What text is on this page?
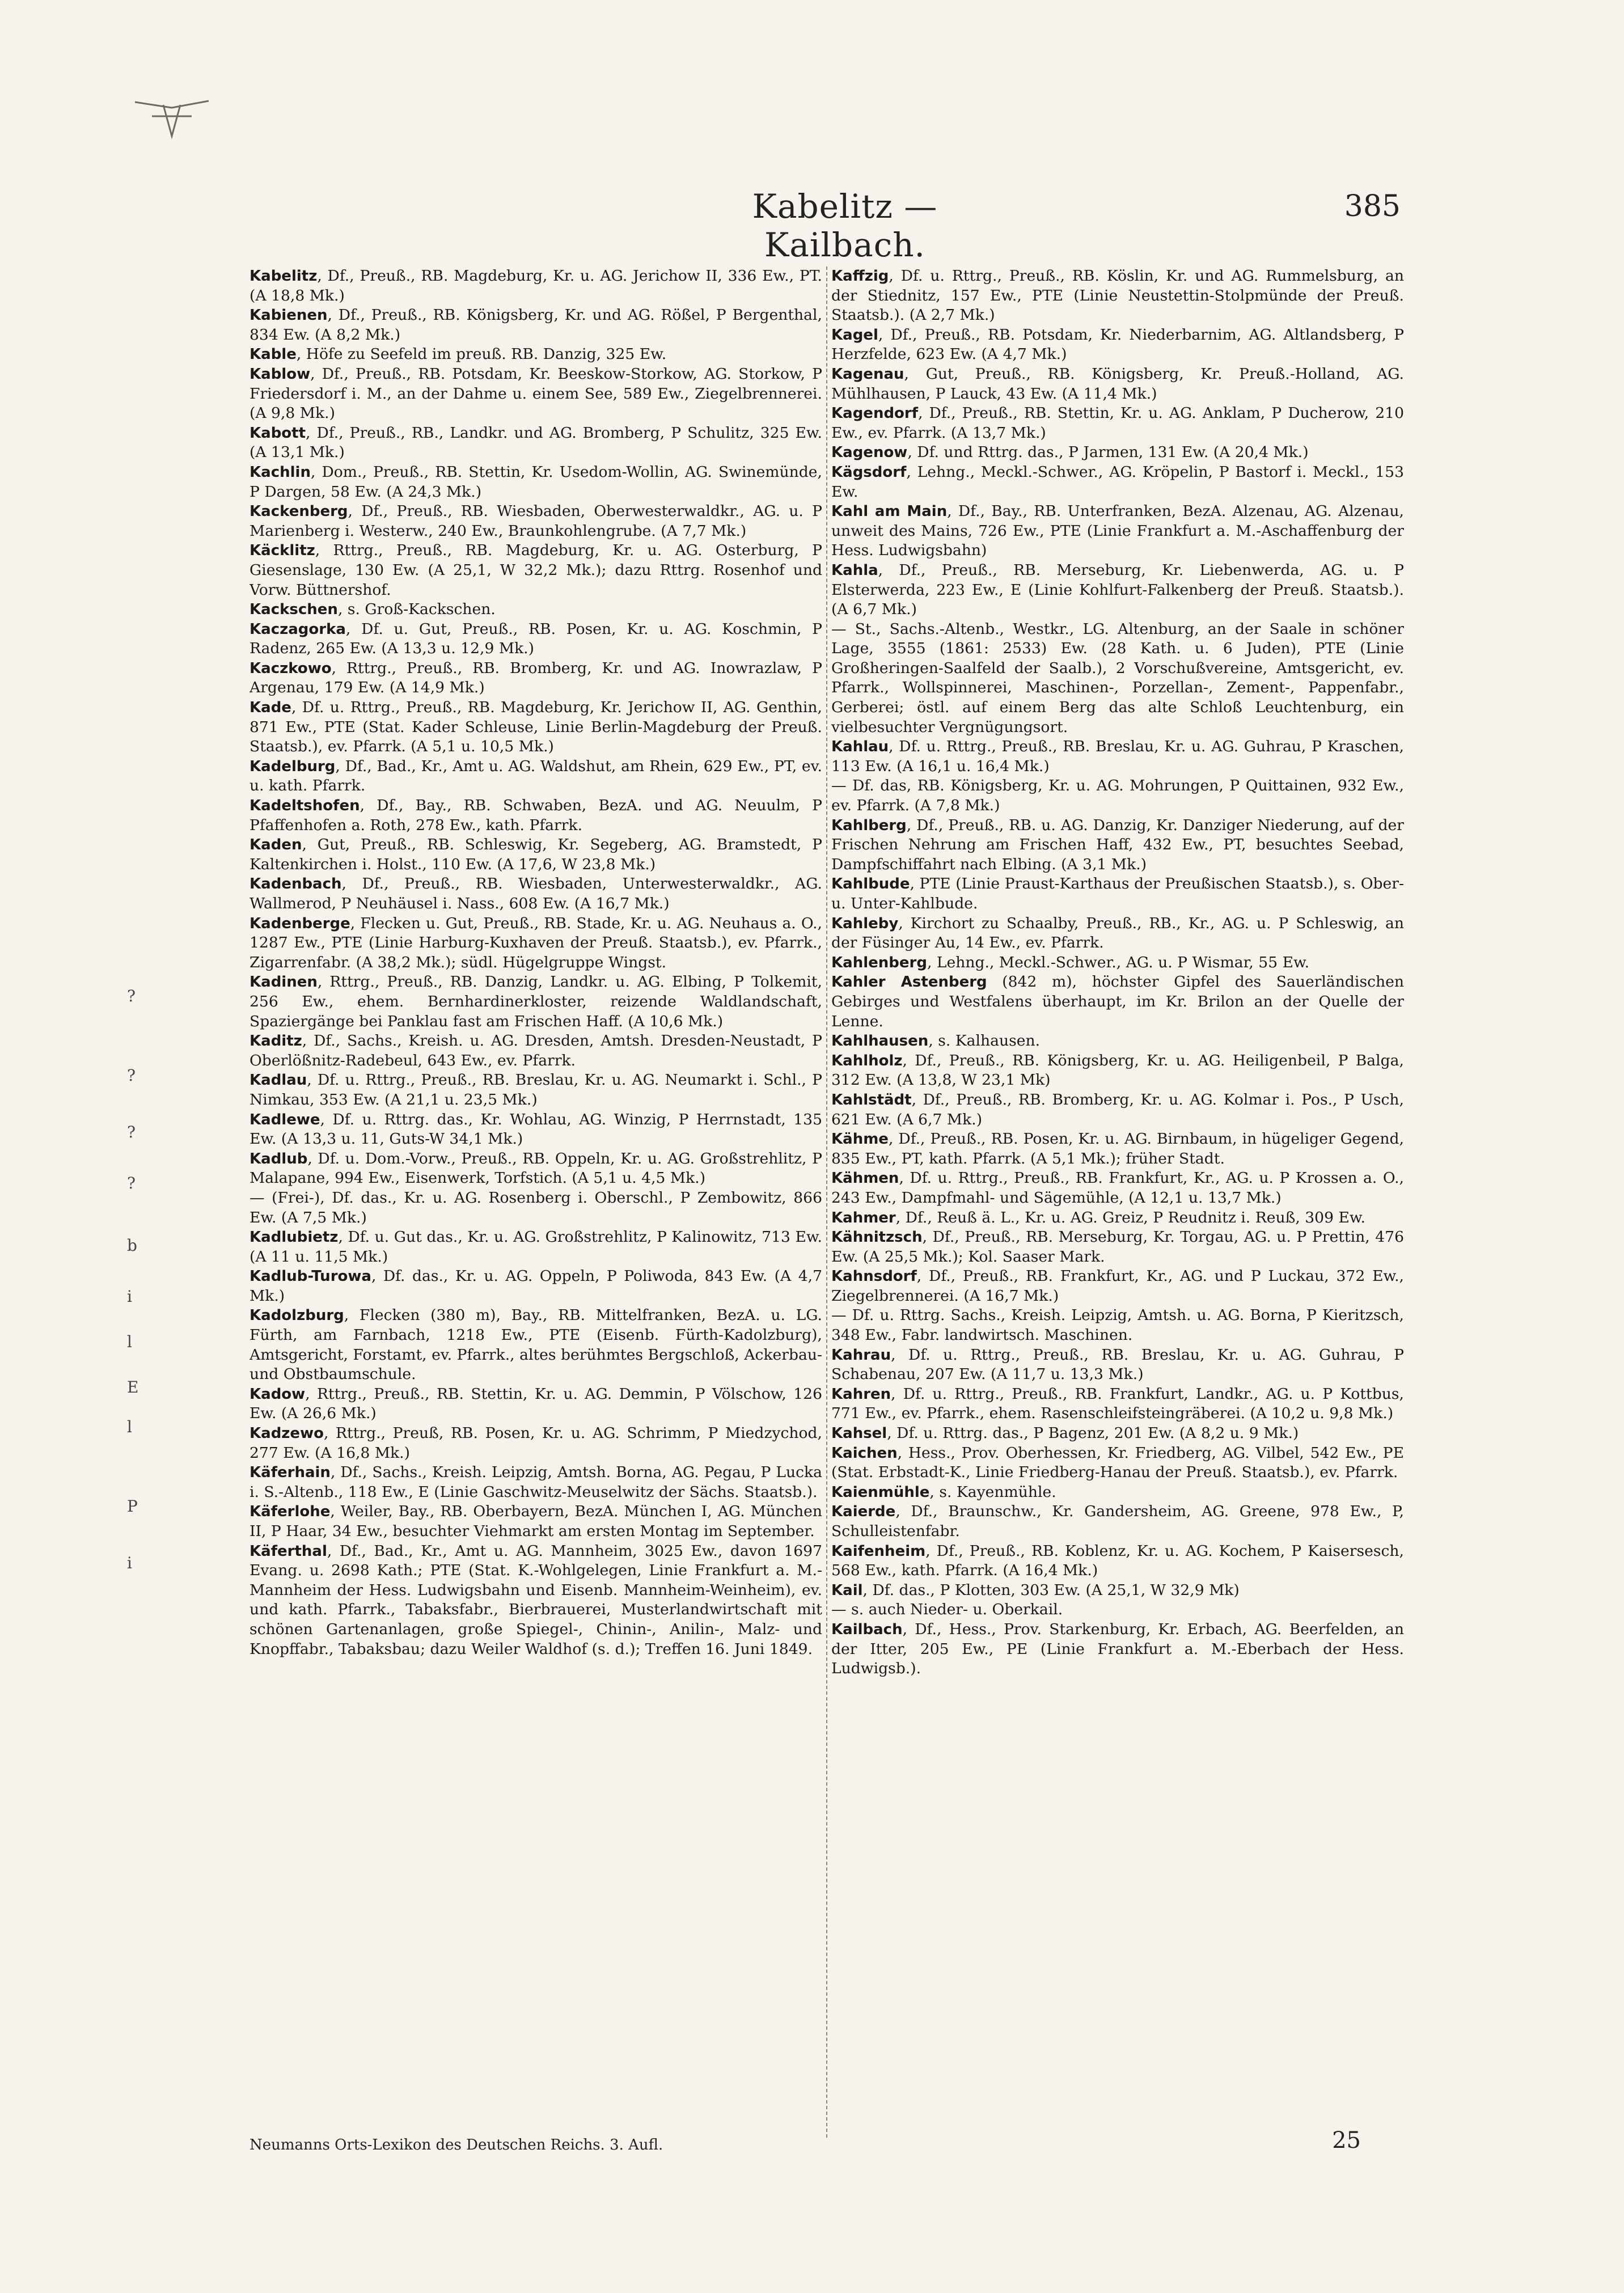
Kabelitz — Kailbach.
385

Kabelitz, Df., Preuß., RB. Magdeburg, Kr. u. AG. Jerichow II, 336 Ew., PT. (A 18,8 Mk.)

Kabienen, Df., Preuß., RB. Königsberg, Kr. und AG. Rößel, P Bergenthal, 834 Ew. (A 8,2 Mk.)

Kable, Höfe zu Seefeld im preuß. RB. Danzig, 325 Ew.

Kablow, Df., Preuß., RB. Potsdam, Kr. Beeskow-Storkow, AG. Storkow, P Friedersdorf i. M., an der Dahme u. einem See, 589 Ew., Ziegelbrennerei. (A 9,8 Mk.)

Kabott, Df., Preuß., RB., Landkr. und AG. Bromberg, P Schulitz, 325 Ew. (A 13,1 Mk.)

Kachlin, Dom., Preuß., RB. Stettin, Kr. Usedom-Wollin, AG. Swinemünde, P Dargen, 58 Ew. (A 24,3 Mk.)

Kackenberg, Df., Preuß., RB. Wiesbaden, Oberwesterwaldkr., AG. u. P Marienberg i. Westerw., 240 Ew., Braunkohlengrube. (A 7,7 Mk.)

Käcklitz, Rttrg., Preuß., RB. Magdeburg, Kr. u. AG. Osterburg, P Giesenslage, 130 Ew. (A 25,1, W 32,2 Mk.); dazu Rttrg. Rosenhof und Vorw. Büttnershof.

Kackschen, s. Groß-Kackschen.

Kaczagorka, Df. u. Gut, Preuß., RB. Posen, Kr. u. AG. Koschmin, P Radenz, 265 Ew. (A 13,3 u. 12,9 Mk.)

Kaczkowo, Rttrg., Preuß., RB. Bromberg, Kr. und AG. Inowrazlaw, P Argenau, 179 Ew. (A 14,9 Mk.)

Kade, Df. u. Rttrg., Preuß., RB. Magdeburg, Kr. Jerichow II, AG. Genthin, 871 Ew., PTE (Stat. Kader Schleuse, Linie Berlin-Magdeburg der Preuß. Staatsb.), ev. Pfarrk. (A 5,1 u. 10,5 Mk.)

Kadelburg, Df., Bad., Kr., Amt u. AG. Waldshut, am Rhein, 629 Ew., PT, ev. u. kath. Pfarrk.

Kadeltshofen, Df., Bay., RB. Schwaben, BezA. und AG. Neuulm, P Pfaffenhofen a. Roth, 278 Ew., kath. Pfarrk.

Kaden, Gut, Preuß., RB. Schleswig, Kr. Segeberg, AG. Bramstedt, P Kaltenkirchen i. Holst., 110 Ew. (A 17,6, W 23,8 Mk.)

Kadenbach, Df., Preuß., RB. Wiesbaden, Unterwesterwaldkr., AG. Wallmerod, P Neuhäusel i. Nass., 608 Ew. (A 16,7 Mk.)

Kadenberge, Flecken u. Gut, Preuß., RB. Stade, Kr. u. AG. Neuhaus a. O., 1287 Ew., PTE (Linie Harburg-Kuxhaven der Preuß. Staatsb.), ev. Pfarrk., Zigarrenfabr. (A 38,2 Mk.); südl. Hügelgruppe Wingst.

Kadinen, Rttrg., Preuß., RB. Danzig, Landkr. u. AG. Elbing, P Tolkemit, 256 Ew., ehem. Bernhardinerkloster, reizende Waldlandschaft, Spaziergänge bei Panklau fast am Frischen Haff. (A 10,6 Mk.)

Kaditz, Df., Sachs., Kreish. u. AG. Dresden, Amtsh. Dresden-Neustadt, P Oberlößnitz-Radebeul, 643 Ew., ev. Pfarrk.

Kadlau, Df. u. Rttrg., Preuß., RB. Breslau, Kr. u. AG. Neumarkt i. Schl., P Nimkau, 353 Ew. (A 21,1 u. 23,5 Mk.)

Kadlewe, Df. u. Rttrg. das., Kr. Wohlau, AG. Winzig, P Herrnstadt, 135 Ew. (A 13,3 u. 11, Guts-W 34,1 Mk.)

Kadlub, Df. u. Dom.-Vorw., Preuß., RB. Oppeln, Kr. u. AG. Großstrehlitz, P Malapane, 994 Ew., Eisenwerk, Torfstich. (A 5,1 u. 4,5 Mk.)

— (Frei-), Df. das., Kr. u. AG. Rosenberg i. Oberschl., P Zembowitz, 866 Ew. (A 7,5 Mk.)

Kadlubietz, Df. u. Gut das., Kr. u. AG. Großstrehlitz, P Kalinowitz, 713 Ew. (A 11 u. 11,5 Mk.)

Kadlub-Turowa, Df. das., Kr. u. AG. Oppeln, P Poliwoda, 843 Ew. (A 4,7 Mk.)

Kadolzburg, Flecken (380 m), Bay., RB. Mittelfranken, BezA. u. LG. Fürth, am Farnbach, 1218 Ew., PTE (Eisenb. Fürth-Kadolzburg), Amtsgericht, Forstamt, ev. Pfarrk., altes berühmtes Bergschloß, Ackerbau- und Obstbaumschule.

Kadow, Rttrg., Preuß., RB. Stettin, Kr. u. AG. Demmin, P Völschow, 126 Ew. (A 26,6 Mk.)

Kadzewo, Rttrg., Preuß, RB. Posen, Kr. u. AG. Schrimm, P Miedzychod, 277 Ew. (A 16,8 Mk.)

Käferhain, Df., Sachs., Kreish. Leipzig, Amtsh. Borna, AG. Pegau, P Lucka i. S.-Altenb., 118 Ew., E (Linie Gaschwitz-Meuselwitz der Sächs. Staatsb.).

Käferlohe, Weiler, Bay., RB. Oberbayern, BezA. München I, AG. München II, P Haar, 34 Ew., besuchter Viehmarkt am ersten Montag im September.

Käferthal, Df., Bad., Kr., Amt u. AG. Mannheim, 3025 Ew., davon 1697 Evang. u. 2698 Kath.; PTE (Stat. K.-Wohlgelegen, Linie Frankfurt a. M.-Mannheim der Hess. Ludwigsbahn und Eisenb. Mannheim-Weinheim), ev. und kath. Pfarrk., Tabaksfabr., Bierbrauerei, Musterlandwirtschaft mit schönen Gartenanlagen, große Spiegel-, Chinin-, Anilin-, Malz- und Knopffabr., Tabaksbau; dazu Weiler Waldhof (s. d.); Treffen 16. Juni 1849.

Kaffzig, Df. u. Rttrg., Preuß., RB. Köslin, Kr. und AG. Rummelsburg, an der Stiednitz, 157 Ew., PTE (Linie Neustettin-Stolpmünde der Preuß. Staatsb.). (A 2,7 Mk.)

Kagel, Df., Preuß., RB. Potsdam, Kr. Niederbarnim, AG. Altlandsberg, P Herzfelde, 623 Ew. (A 4,7 Mk.)

Kagenau, Gut, Preuß., RB. Königsberg, Kr. Preuß.-Holland, AG. Mühlhausen, P Lauck, 43 Ew. (A 11,4 Mk.)

Kagendorf, Df., Preuß., RB. Stettin, Kr. u. AG. Anklam, P Ducherow, 210 Ew., ev. Pfarrk. (A 13,7 Mk.)

Kagenow, Df. und Rttrg. das., P Jarmen, 131 Ew. (A 20,4 Mk.)

Kägsdorf, Lehng., Meckl.-Schwer., AG. Kröpelin, P Bastorf i. Meckl., 153 Ew.

Kahl am Main, Df., Bay., RB. Unterfranken, BezA. Alzenau, AG. Alzenau, unweit des Mains, 726 Ew., PTE (Linie Frankfurt a. M.-Aschaffenburg der Hess. Ludwigsbahn)

Kahla, Df., Preuß., RB. Merseburg, Kr. Liebenwerda, AG. u. P Elsterwerda, 223 Ew., E (Linie Kohlfurt-Falkenberg der Preuß. Staatsb.). (A 6,7 Mk.)

— St., Sachs.-Altenb., Westkr., LG. Altenburg, an der Saale in schöner Lage, 3555 (1861: 2533) Ew. (28 Kath. u. 6 Juden), PTE (Linie Großheringen-Saalfeld der Saalb.), 2 Vorschußvereine, Amtsgericht, ev. Pfarrk., Wollspinnerei, Maschinen-, Porzellan-, Zement-, Pappenfabr., Gerberei; östl. auf einem Berg das alte Schloß Leuchtenburg, ein vielbesuchter Vergnügungsort.

Kahlau, Df. u. Rttrg., Preuß., RB. Breslau, Kr. u. AG. Guhrau, P Kraschen, 113 Ew. (A 16,1 u. 16,4 Mk.)

— Df. das, RB. Königsberg, Kr. u. AG. Mohrungen, P Quittainen, 932 Ew., ev. Pfarrk. (A 7,8 Mk.)

Kahlberg, Df., Preuß., RB. u. AG. Danzig, Kr. Danziger Niederung, auf der Frischen Nehrung am Frischen Haff, 432 Ew., PT, besuchtes Seebad, Dampfschiffahrt nach Elbing. (A 3,1 Mk.)

Kahlbude, PTE (Linie Praust-Karthaus der Preußischen Staatsb.), s. Ober- u. Unter-Kahlbude.

Kahleby, Kirchort zu Schaalby, Preuß., RB., Kr., AG. u. P Schleswig, an der Füsinger Au, 14 Ew., ev. Pfarrk.

Kahlenberg, Lehng., Meckl.-Schwer., AG. u. P Wismar, 55 Ew.

Kahler Astenberg (842 m), höchster Gipfel des Sauerländischen Gebirges und Westfalens überhaupt, im Kr. Brilon an der Quelle der Lenne.

Kahlhausen, s. Kalhausen.

Kahlholz, Df., Preuß., RB. Königsberg, Kr. u. AG. Heiligenbeil, P Balga, 312 Ew. (A 13,8, W 23,1 Mk)

Kahlstädt, Df., Preuß., RB. Bromberg, Kr. u. AG. Kolmar i. Pos., P Usch, 621 Ew. (A 6,7 Mk.)

Kähme, Df., Preuß., RB. Posen, Kr. u. AG. Birnbaum, in hügeliger Gegend, 835 Ew., PT, kath. Pfarrk. (A 5,1 Mk.); früher Stadt.

Kähmen, Df. u. Rttrg., Preuß., RB. Frankfurt, Kr., AG. u. P Krossen a. O., 243 Ew., Dampfmahl- und Sägemühle, (A 12,1 u. 13,7 Mk.)

Kahmer, Df., Reuß ä. L., Kr. u. AG. Greiz, P Reudnitz i. Reuß, 309 Ew.

Kähnitzsch, Df., Preuß., RB. Merseburg, Kr. Torgau, AG. u. P Prettin, 476 Ew. (A 25,5 Mk.); Kol. Saaser Mark.

Kahnsdorf, Df., Preuß., RB. Frankfurt, Kr., AG. und P Luckau, 372 Ew., Ziegelbrennerei. (A 16,7 Mk.)

— Df. u. Rttrg. Sachs., Kreish. Leipzig, Amtsh. u. AG. Borna, P Kieritzsch, 348 Ew., Fabr. landwirtsch. Maschinen.

Kahrau, Df. u. Rttrg., Preuß., RB. Breslau, Kr. u. AG. Guhrau, P Schabenau, 207 Ew. (A 11,7 u. 13,3 Mk.)

Kahren, Df. u. Rttrg., Preuß., RB. Frankfurt, Landkr., AG. u. P Kottbus, 771 Ew., ev. Pfarrk., ehem. Rasenschleifsteingräberei. (A 10,2 u. 9,8 Mk.)

Kahsel, Df. u. Rttrg. das., P Bagenz, 201 Ew. (A 8,2 u. 9 Mk.)

Kaichen, Hess., Prov. Oberhessen, Kr. Friedberg, AG. Vilbel, 542 Ew., PE (Stat. Erbstadt-K., Linie Friedberg-Hanau der Preuß. Staatsb.), ev. Pfarrk.

Kaienmühle, s. Kayenmühle.

Kaierde, Df., Braunschw., Kr. Gandersheim, AG. Greene, 978 Ew., P, Schulleistenfabr.

Kaifenheim, Df., Preuß., RB. Koblenz, Kr. u. AG. Kochem, P Kaisersesch, 568 Ew., kath. Pfarrk. (A 16,4 Mk.)

Kail, Df. das., P Klotten, 303 Ew. (A 25,1, W 32,9 Mk)

— s. auch Nieder- u. Oberkail.

Kailbach, Df., Hess., Prov. Starkenburg, Kr. Erbach, AG. Beerfelden, an der Itter, 205 Ew., PE (Linie Frankfurt a. M.-Eberbach der Hess. Ludwigsb.).

Neumanns Orts-Lexikon des Deutschen Reichs. 3. Aufl.	25
?
?
?
?
b
i
l
E
l
P
i
